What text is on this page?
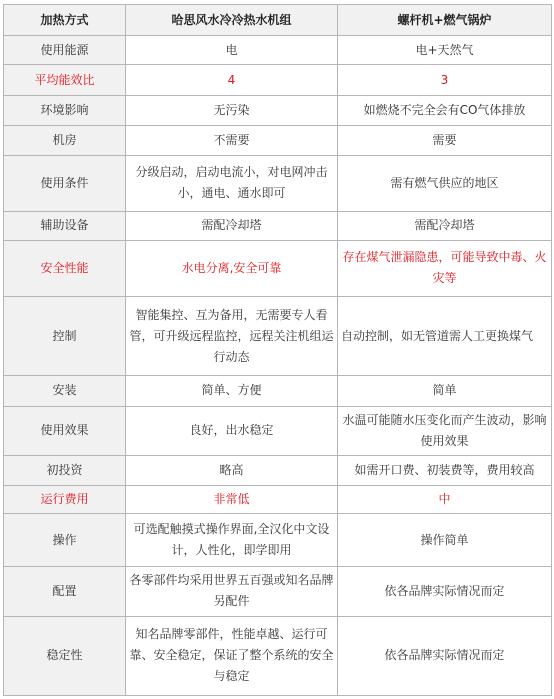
加热方式	哈思风水冷冷热水机组	螺杆机+燃气锅炉
使用能源	电	电+天然气
平均能效比	4	3
环境影响	无污染	如燃烧不完全会有CO气体排放
机房	不需要	需要
使用条件	分级启动，启动电流小，对电网冲击小，通电、通水即可	需有燃气供应的地区
辅助设备	需配冷却塔	需配冷却塔
安全性能	水电分离,安全可靠	存在煤气泄漏隐患，可能导致中毒、火灾等
控制	智能集控、互为备用，无需要专人看管，可升级远程监控，远程关注机组运行动态	自动控制，如无管道需人工更换煤气
安装	简单、方便	简单
使用效果	良好，出水稳定	水温可能随水压变化而产生波动，影响使用效果
初投资	略高	如需开口费、初装费等，费用较高
运行费用	非常低	中
操作	可选配触摸式操作界面,全汉化中文设计，人性化，即学即用	操作简单
配置	各零部件均采用世界五百强或知名品牌另配件	依各品牌实际情况而定
稳定性	知名品牌零部件，性能卓越、运行可靠、安全稳定，保证了整个系统的安全与稳定	依各品牌实际情况而定
